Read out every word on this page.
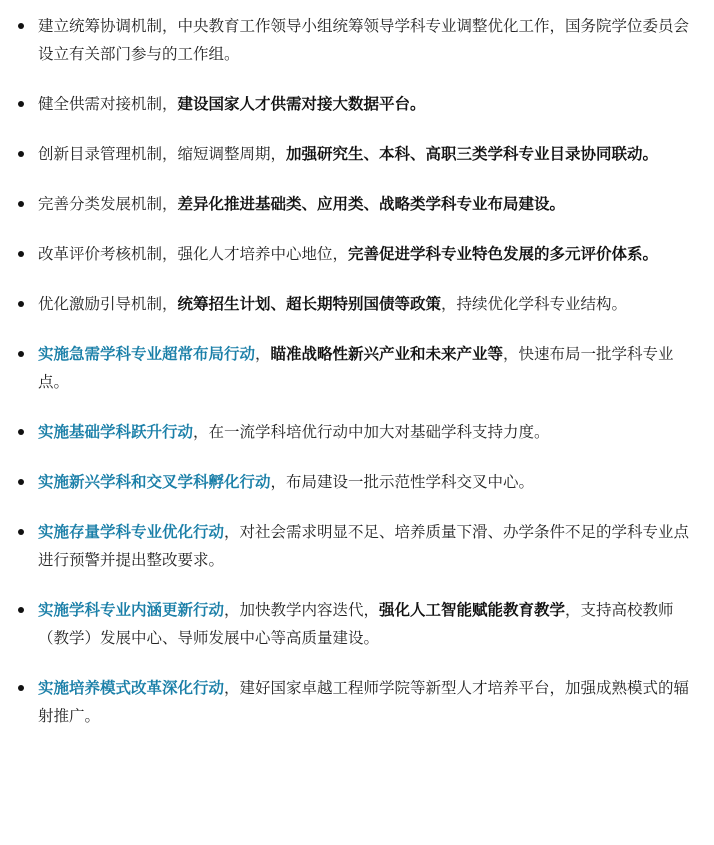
建立统筹协调机制，中央教育工作领导小组统筹领导学科专业调整优化工作，国务院学位委员会设立有关部门参与的工作组。
健全供需对接机制，建设国家人才供需对接大数据平台。
创新目录管理机制，缩短调整周期，加强研究生、本科、高职三类学科专业目录协同联动。
完善分类发展机制，差异化推进基础类、应用类、战略类学科专业布局建设。
改革评价考核机制，强化人才培养中心地位，完善促进学科专业特色发展的多元评价体系。
优化激励引导机制，统筹招生计划、超长期特别国债等政策，持续优化学科专业结构。
实施急需学科专业超常布局行动，瞄准战略性新兴产业和未来产业等，快速布局一批学科专业点。
实施基础学科跃升行动，在一流学科培优行动中加大对基础学科支持力度。
实施新兴学科和交叉学科孵化行动，布局建设一批示范性学科交叉中心。
实施存量学科专业优化行动，对社会需求明显不足、培养质量下滑、办学条件不足的学科专业点进行预警并提出整改要求。
实施学科专业内涵更新行动，加快教学内容迭代，强化人工智能赋能教育教学，支持高校教师（教学）发展中心、导师发展中心等高质量建设。
实施培养模式改革深化行动，建好国家卓越工程师学院等新型人才培养平台，加强成熟模式的辐射推广。
